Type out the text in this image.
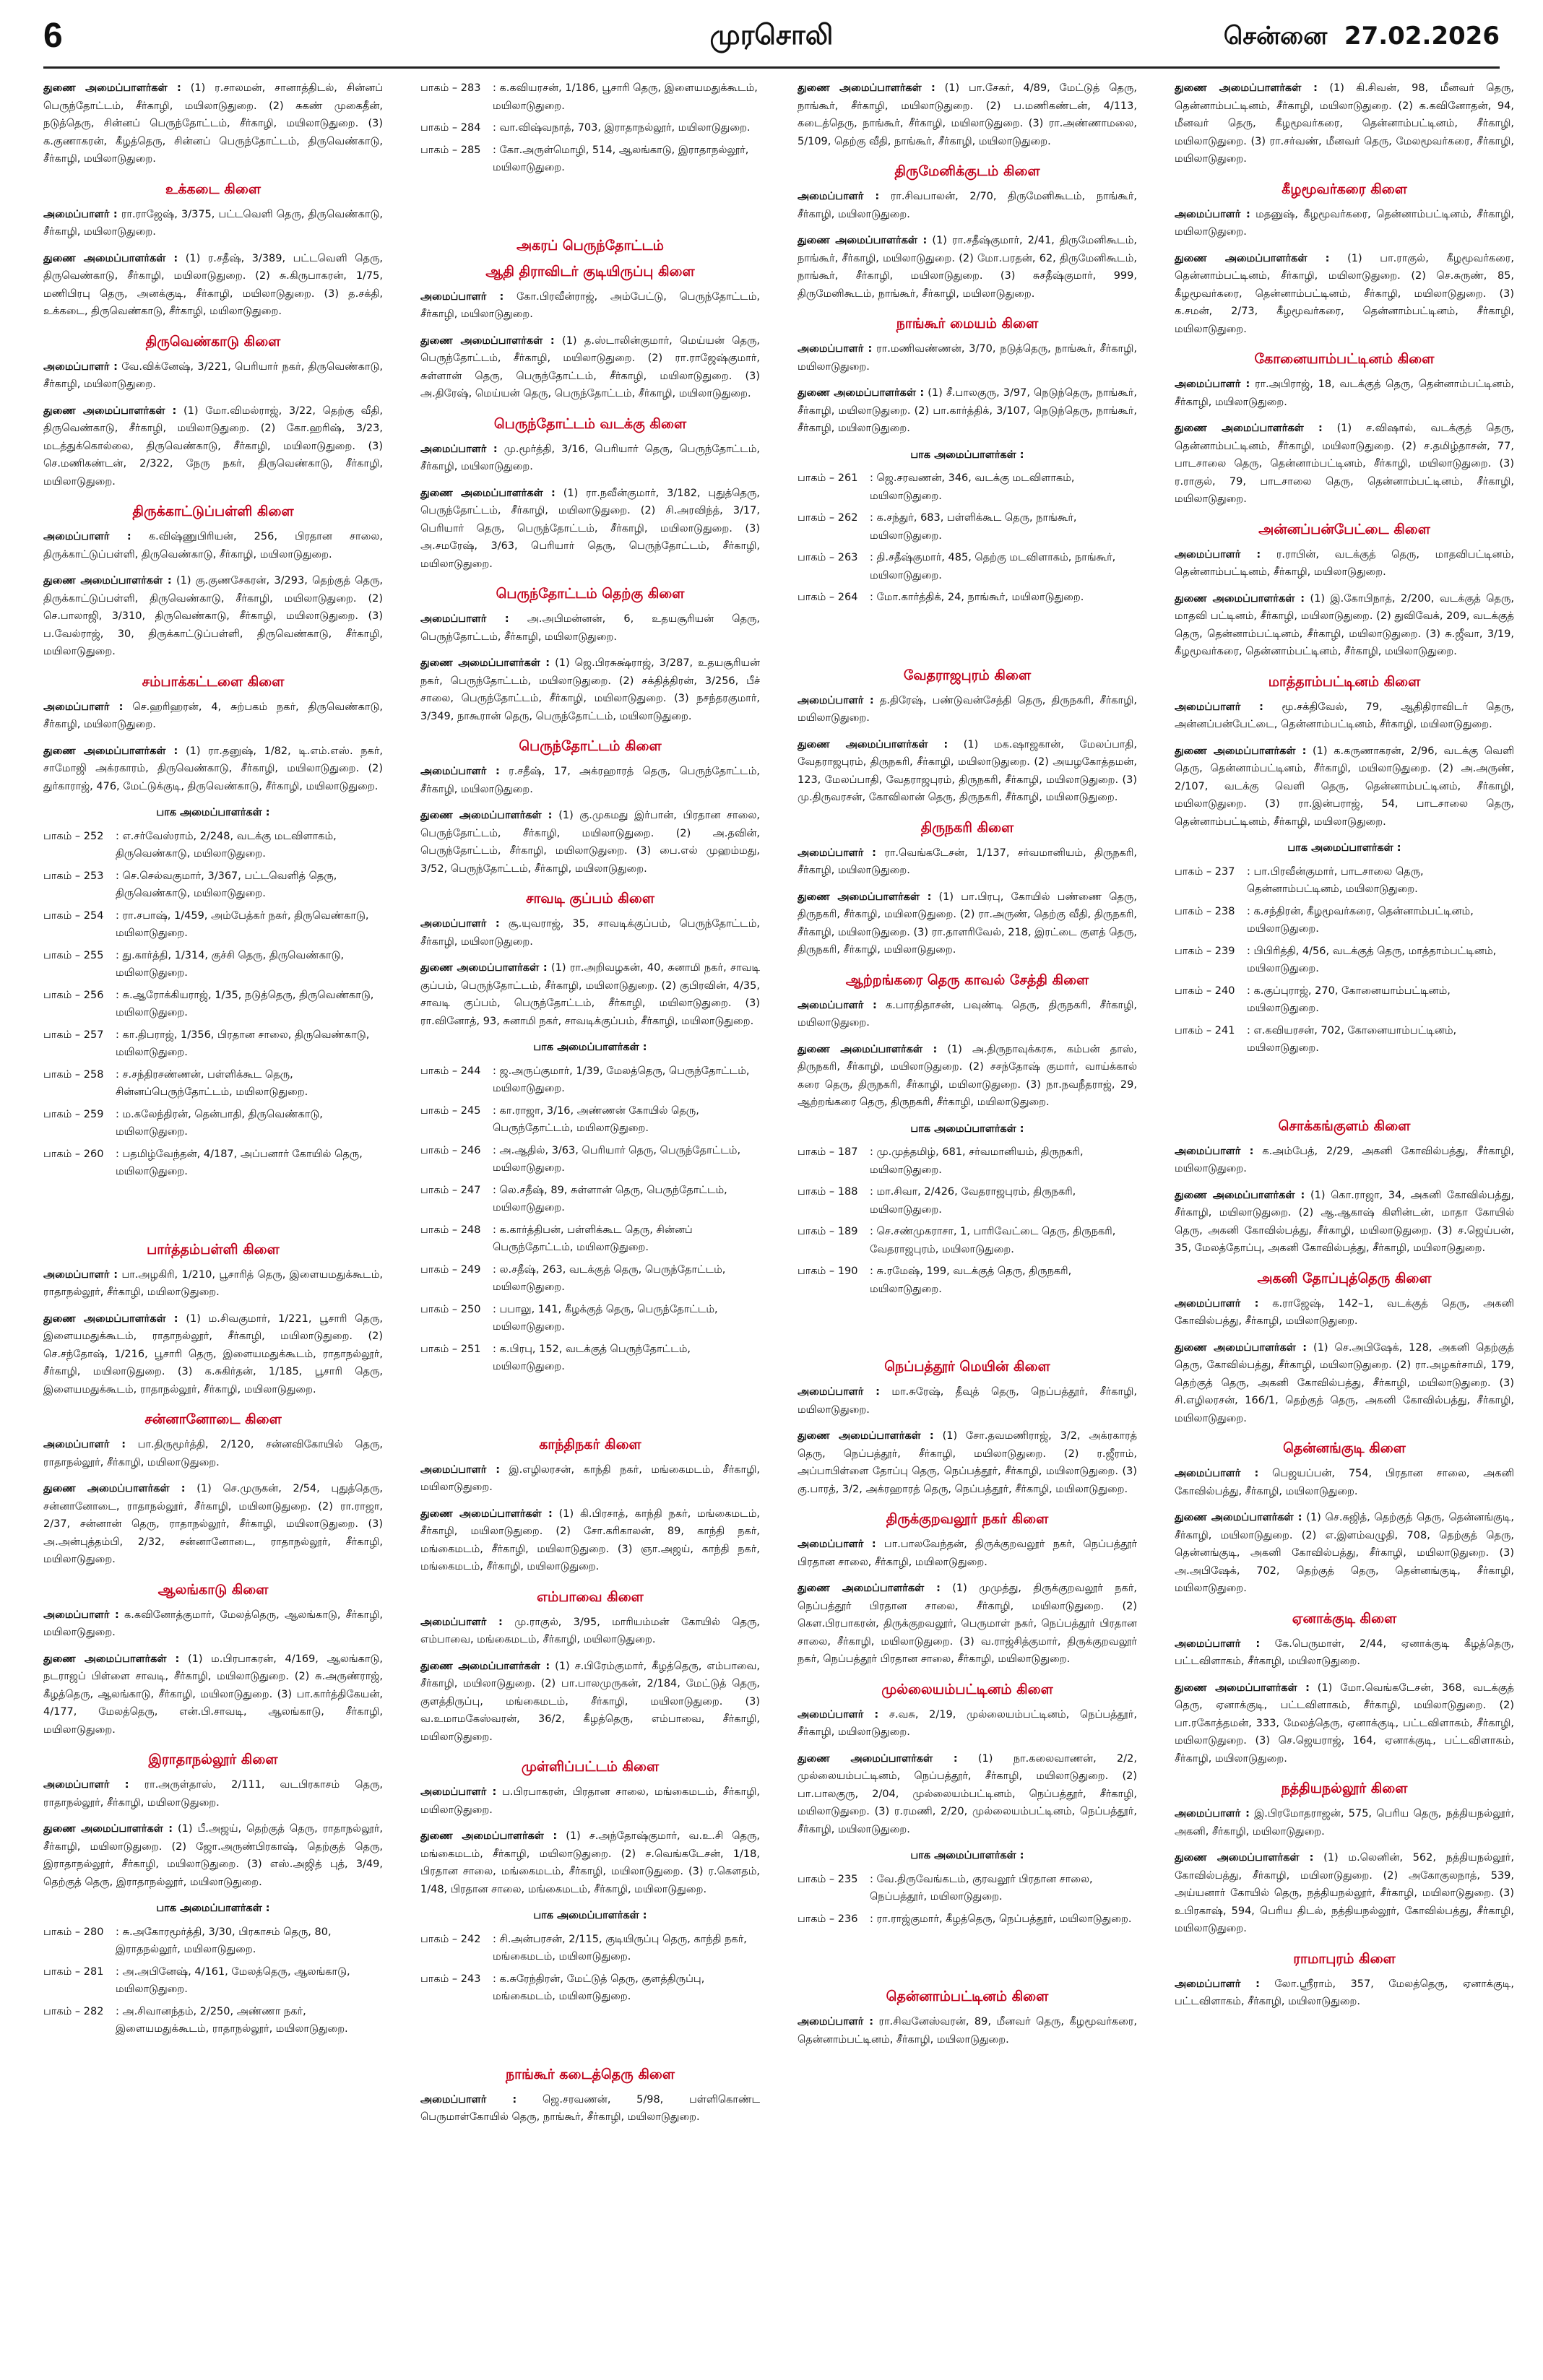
6	முரசொலி	சென்னை 27.02.2026

துணை அமைப்பாளர்கள் : (1) ர.சாலமன், சானாத்திடல், சின்னப் பெருந்தோட்டம், சீர்காழி, மயிலாடுதுறை. (2) சுகண் முகைதீன், நடுத்தெரு, சின்னப் பெருந்தோட்டம், சீர்காழி, மயிலாடுதுறை. (3) க.குணாகரன், கீழத்தெரு, சின்னப் பெருந்தோட்டம், திருவெண்காடு, சீர்காழி, மயிலாடுதுறை.

உக்கடை கிளை

அமைப்பாளர் : ரா.ராஜேஷ், 3/375, பட்டவெளி தெரு, திருவெண்காடு, சீர்காழி, மயிலாடுதுறை.

துணை அமைப்பாளர்கள் : (1) ர.சதீஷ், 3/389, பட்டவெளி தெரு, திருவெண்காடு, சீர்காழி, மயிலாடுதுறை. (2) சு.கிருபாகரன், 1/75, மணிபிரபு தெரு, அனக்குடி, சீர்காழி, மயிலாடுதுறை. (3) த.சக்தி, உக்கடை, திருவெண்காடு, சீர்காழி, மயிலாடுதுறை.

திருவெண்காடு கிளை

அமைப்பாளர் : வே.விக்னேஷ், 3/221, பெரியார் நகர், திருவெண்காடு, சீர்காழி, மயிலாடுதுறை.

துணை அமைப்பாளர்கள் : (1) மோ.விமல்ராஜ், 3/22, தெற்கு வீதி, திருவெண்காடு, சீர்காழி, மயிலாடுதுறை. (2) கோ.ஹரிஷ், 3/23, மடத்துக்கொல்லை, திருவெண்காடு, சீர்காழி, மயிலாடுதுறை. (3) செ.மணிகண்டன், 2/322, நேரு நகர், திருவெண்காடு, சீர்காழி, மயிலாடுதுறை.

திருக்காட்டுப்பள்ளி கிளை

அமைப்பாளர் : க.விஷ்ணுபிரியன், 256, பிரதான சாலை, திருக்காட்டுப்பள்ளி, திருவெண்காடு, சீர்காழி, மயிலாடுதுறை.

துணை அமைப்பாளர்கள் : (1) கு.குணசேகரன், 3/293, தெற்குத் தெரு, திருக்காட்டுப்பள்ளி, திருவெண்காடு, சீர்காழி, மயிலாடுதுறை. (2) செ.பாலாஜி, 3/310, திருவெண்காடு, சீர்காழி, மயிலாடுதுறை. (3) ப.வேல்ராஜ், 30, திருக்காட்டுப்பள்ளி, திருவெண்காடு, சீர்காழி, மயிலாடுதுறை.

சம்பாக்கட்டளை கிளை

அமைப்பாளர் : செ.ஹரிஹரன், 4, சுற்பகம் நகர், திருவெண்காடு, சீர்காழி, மயிலாடுதுறை.

துணை அமைப்பாளர்கள் : (1) ரா.தனுஷ், 1/82, டி.எம்.எஸ். நகர், சாமோஜி அக்ரகாரம், திருவெண்காடு, சீர்காழி, மயிலாடுதுறை. (2) துர்காராஜ், 476, மேட்டுக்குடி, திருவெண்காடு, சீர்காழி, மயிலாடுதுறை.

பாக அமைப்பாளர்கள் :
பாகம் – 252	: எ.சர்வேஸ்ராம், 2/248, வடக்கு மடவிளாகம், திருவெண்காடு, மயிலாடுதுறை.
பாகம் – 253	: செ.செல்வகுமார், 3/367, பட்டவெளித் தெரு, திருவெண்காடு, மயிலாடுதுறை.
பாகம் – 254	: ரா.சபாஷ், 1/459, அம்பேத்கர் நகர், திருவெண்காடு, மயிலாடுதுறை.
பாகம் – 255	: து.கார்த்தி, 1/314, குச்சி தெரு, திருவெண்காடு, மயிலாடுதுறை.
பாகம் – 256	: சு.ஆரோக்கியராஜ், 1/35, நடுத்தெரு, திருவெண்காடு, மயிலாடுதுறை.
பாகம் – 257	: கா.திபராஜ், 1/356, பிரதான சாலை, திருவெண்காடு, மயிலாடுதுறை.
பாகம் – 258	: ச.சந்திரசண்ணன், பள்ளிக்கூட தெரு, சின்னப்பெருந்தோட்டம், மயிலாடுதுறை.
பாகம் – 259	: ம.கலேந்திரன், தென்பாதி, திருவெண்காடு, மயிலாடுதுறை.
பாகம் – 260	: பதமிழ்வேந்தன், 4/187, அப்பனார் கோயில் தெரு, மயிலாடுதுறை.
பார்த்தம்பள்ளி கிளை

அமைப்பாளர் : பா.அழகிரி, 1/210, பூசாரித் தெரு, இளையமதுக்கூடம், ராதாநல்லூர், சீர்காழி, மயிலாடுதுறை.

துணை அமைப்பாளர்கள் : (1) ம.சிவகுமார், 1/221, பூசாரி தெரு, இளையமதுக்கூடம், ராதாநல்லூர், சீர்காழி, மயிலாடுதுறை. (2) செ.சந்தோஷ், 1/216, பூசாரி தெரு, இளையமதுக்கூடம், ராதாநல்லூர், சீர்காழி, மயிலாடுதுறை. (3) க.சுகிர்தன், 1/185, பூசாரி தெரு, இளையமதுக்கூடம், ராதாநல்லூர், சீர்காழி, மயிலாடுதுறை.

சன்னானோடை கிளை

அமைப்பாளர் : பா.திருமூர்த்தி, 2/120, சன்னவிகோயில் தெரு, ராதாநல்லூர், சீர்காழி, மயிலாடுதுறை.

துணை அமைப்பாளர்கள் : (1) செ.முருகன், 2/54, புதுத்தெரு, சன்னானோடை, ராதாநல்லூர், சீர்காழி, மயிலாடுதுறை. (2) ரா.ராஜா, 2/37, சன்னான் தெரு, ராதாநல்லூர், சீர்காழி, மயிலாடுதுறை. (3) அ.அன்புத்தம்பி, 2/32, சன்னானோடை, ராதாநல்லூர், சீர்காழி, மயிலாடுதுறை.

ஆலங்காடு கிளை

அமைப்பாளர் : க.கவினோத்குமார், மேலத்தெரு, ஆலங்காடு, சீர்காழி, மயிலாடுதுறை.

துணை அமைப்பாளர்கள் : (1) ம.பிரபாகரன், 4/169, ஆலங்காடு, நடராஜப் பிள்ளை சாவடி, சீர்காழி, மயிலாடுதுறை. (2) சு.அருண்ராஜ், கீழத்தெரு, ஆலங்காடு, சீர்காழி, மயிலாடுதுறை. (3) பா.கார்த்திகேயன், 4/177, மேலத்தெரு, என்.பி.சாவடி, ஆலங்காடு, சீர்காழி, மயிலாடுதுறை.

இராதாநல்லூர் கிளை

அமைப்பாளர் : ரா.அருள்தாஸ், 2/111, வடபிரகாசம் தெரு, ராதாநல்லூர், சீர்காழி, மயிலாடுதுறை.

துணை அமைப்பாளர்கள் : (1) பீ.அஜய், தெற்குத் தெரு, ராதாநல்லூர், சீர்காழி, மயிலாடுதுறை. (2) ஜோ.அருண்பிரகாஷ், தெற்குத் தெரு, இராதாநல்லூர், சீர்காழி, மயிலாடுதுறை. (3) எஸ்.அஜித் புத், 3/49, தெற்குத் தெரு, இராதாநல்லூர், மயிலாடுதுறை.

பாக அமைப்பாளர்கள் :
பாகம் – 280	: சு.அகோரமூர்த்தி, 3/30, பிரகாசம் தெரு, 80, இராதநல்லூர், மயிலாடுதுறை.
பாகம் – 281	: அ.அபினேஷ், 4/161, மேலத்தெரு, ஆலங்காடு, மயிலாடுதுறை.
பாகம் – 282	: அ.சிவானந்தம், 2/250, அண்ணா நகர், இளையமதுக்கூடம், ராதாநல்லூர், மயிலாடுதுறை.
பாகம் – 283	: க.கவியரசன், 1/186, பூசாரி தெரு, இளையமதுக்கூடம், மயிலாடுதுறை.
பாகம் – 284	: வா.விஷ்வநாத், 703, இராதாநல்லூர், மயிலாடுதுறை.
பாகம் – 285	: கோ.அருள்மொழி, 514, ஆலங்காடு, இராதாநல்லூர், மயிலாடுதுறை.
அகரப் பெருந்தோட்டம்
ஆதி திராவிடர் குடியிருப்பு கிளை

அமைப்பாளர் : கோ.பிரவீன்ராஜ், அம்பேட்டு, பெருந்தோட்டம், சீர்காழி, மயிலாடுதுறை.

துணை அமைப்பாளர்கள் : (1) த.ஸ்டாலின்குமார், மெய்யன் தெரு, பெருந்தோட்டம், சீர்காழி, மயிலாடுதுறை. (2) ரா.ராஜேஷ்குமார், சுள்ளான் தெரு, பெருந்தோட்டம், சீர்காழி, மயிலாடுதுறை. (3) அ.திரேஷ், மெய்யன் தெரு, பெருந்தோட்டம், சீர்காழி, மயிலாடுதுறை.

பெருந்தோட்டம் வடக்கு கிளை

அமைப்பாளர் : மு.மூர்த்தி, 3/16, பெரியார் தெரு, பெருந்தோட்டம், சீர்காழி, மயிலாடுதுறை.

துணை அமைப்பாளர்கள் : (1) ரா.நவீன்குமார், 3/182, புதுத்தெரு, பெருந்தோட்டம், சீர்காழி, மயிலாடுதுறை. (2) சி.அரவிந்த், 3/17, பெரியார் தெரு, பெருந்தோட்டம், சீர்காழி, மயிலாடுதுறை. (3) அ.சமரேஷ், 3/63, பெரியார் தெரு, பெருந்தோட்டம், சீர்காழி, மயிலாடுதுறை.

பெருந்தோட்டம் தெற்கு கிளை

அமைப்பாளர் : அ.அபிமன்னன், 6, உதயசூரியன் தெரு, பெருந்தோட்டம், சீர்காழி, மயிலாடுதுறை.

துணை அமைப்பாளர்கள் : (1) ஜெ.பிரசுக்ஷ்ராஜ், 3/287, உதயசூரியன் நகர், பெருந்தோட்டம், மயிலாடுதுறை. (2) சக்தித்திரன், 3/256, பீச் சாலை, பெருந்தோட்டம், சீர்காழி, மயிலாடுதுறை. (3) நசந்தரகுமார், 3/349, நாகூரான் தெரு, பெருந்தோட்டம், மயிலாடுதுறை.

பெருந்தோட்டம் கிளை

அமைப்பாளர் : ர.சதீஷ், 17, அக்ரஹாரத் தெரு, பெருந்தோட்டம், சீர்காழி, மயிலாடுதுறை.

துணை அமைப்பாளர்கள் : (1) கு.முகமது இர்பான், பிரதான சாலை, பெருந்தோட்டம், சீர்காழி, மயிலாடுதுறை. (2) அ.தவின், பெருந்தோட்டம், சீர்காழி, மயிலாடுதுறை. (3) பை.எல் முஹம்மது, 3/52, பெருந்தோட்டம், சீர்காழி, மயிலாடுதுறை.

சாவடி குப்பம் கிளை

அமைப்பாளர் : சூ.யுவராஜ், 35, சாவடிக்குப்பம், பெருந்தோட்டம், சீர்காழி, மயிலாடுதுறை.

துணை அமைப்பாளர்கள் : (1) ரா.அறிவழகன், 40, சுனாமி நகர், சாவடி குப்பம், பெருந்தோட்டம், சீர்காழி, மயிலாடுதுறை. (2) குபிரவின், 4/35, சாவடி குப்பம், பெருந்தோட்டம், சீர்காழி, மயிலாடுதுறை. (3) ரா.வினோத், 93, சுனாமி நகர், சாவடிக்குப்பம், சீர்காழி, மயிலாடுதுறை.

பாக அமைப்பாளர்கள் :
பாகம் – 244	: ஜ.அருப்குமார், 1/39, மேலத்தெரு, பெருந்தோட்டம், மயிலாடுதுறை.
பாகம் – 245	: கா.ராஜா, 3/16, அண்ணன் கோயில் தெரு, பெருந்தோட்டம், மயிலாடுதுறை.
பாகம் – 246	: அ.ஆதில், 3/63, பெரியார் தெரு, பெருந்தோட்டம், மயிலாடுதுறை.
பாகம் – 247	: லெ.சதீஷ், 89, சுள்ளான் தெரு, பெருந்தோட்டம், மயிலாடுதுறை.
பாகம் – 248	: க.கார்த்திபன், பள்ளிக்கூட தெரு, சின்னப் பெருந்தோட்டம், மயிலாடுதுறை.
பாகம் – 249	: ல.சதீஷ், 263, வடக்குத் தெரு, பெருந்தோட்டம், மயிலாடுதுறை.
பாகம் – 250	: பபாலு, 141, கீழக்குத் தெரு, பெருந்தோட்டம், மயிலாடுதுறை.
பாகம் – 251	: க.பிரபு, 152, வடக்குத் பெருந்தோட்டம், மயிலாடுதுறை.
காந்திநகர் கிளை

அமைப்பாளர் : இ.எழிலரசன், காந்தி நகர், மங்கைமடம், சீர்காழி, மயிலாடுதுறை.

துணை அமைப்பாளர்கள் : (1) கி.பிரசாத், காந்தி நகர், மங்கைமடம், சீர்காழி, மயிலாடுதுறை. (2) சோ.கரிகாலன், 89, காந்தி நகர், மங்கைமடம், சீர்காழி, மயிலாடுதுறை. (3) ஞா.அஜய், காந்தி நகர், மங்கைமடம், சீர்காழி, மயிலாடுதுறை.

எம்பாவை கிளை

அமைப்பாளர் : மு.ராகுல், 3/95, மாரியம்மன் கோயில் தெரு, எம்பாவை, மங்கைமடம், சீர்காழி, மயிலாடுதுறை.

துணை அமைப்பாளர்கள் : (1) ச.பிரேம்குமார், கீழத்தெரு, எம்பாவை, சீர்காழி, மயிலாடுதுறை. (2) பா.பாலமுருகன், 2/184, மேட்டுத் தெரு, குளத்திருப்பு, மங்கைமடம், சீர்காழி, மயிலாடுதுறை. (3) வ.உமாமகேஸ்வரன், 36/2, கீழத்தெரு, எம்பாவை, சீர்காழி, மயிலாடுதுறை.

முள்ளிப்பட்டம் கிளை

அமைப்பாளர் : ப.பிரபாகரன், பிரதான சாலை, மங்கைமடம், சீர்காழி, மயிலாடுதுறை.

துணை அமைப்பாளர்கள் : (1) ச.அந்தோஷ்குமார், வ.உ.சி தெரு, மங்கைமடம், சீர்காழி, மயிலாடுதுறை. (2) ச.வெங்கடேசன், 1/18, பிரதான சாலை, மங்கைமடம், சீர்காழி, மயிலாடுதுறை. (3) ர.கௌதம், 1/48, பிரதான சாலை, மங்கைமடம், சீர்காழி, மயிலாடுதுறை.

பாக அமைப்பாளர்கள் :
பாகம் – 242	: சி.அன்பரசன், 2/115, குடியிருப்பு தெரு, காந்தி நகர், மங்கைமடம், மயிலாடுதுறை.
பாகம் – 243	: க.சுரேந்திரன், மேட்டுத் தெரு, குளத்திருப்பு, மங்கைமடம், மயிலாடுதுறை.
நாங்கூர் கடைத்தெரு கிளை

அமைப்பாளர் : ஜெ.சரவணன், 5/98, பள்ளிகொண்ட பெருமாள்கோயில் தெரு, நாங்கூர், சீர்காழி, மயிலாடுதுறை.

துணை அமைப்பாளர்கள் : (1) பா.சேகர், 4/89, மேட்டுத் தெரு, நாங்கூர், சீர்காழி, மயிலாடுதுறை. (2) ப.மணிகண்டன், 4/113, கடைத்தெரு, நாங்கூர், சீர்காழி, மயிலாடுதுறை. (3) ரா.அண்ணாமலை, 5/109, தெற்கு வீதி, நாங்கூர், சீர்காழி, மயிலாடுதுறை.

திருமேனிக்குடம் கிளை

அமைப்பாளர் : ரா.சிவபாலன், 2/70, திருமேனிகூடம், நாங்கூர், சீர்காழி, மயிலாடுதுறை.

துணை அமைப்பாளர்கள் : (1) ரா.சதீஷ்குமார், 2/41, திருமேனிகூடம், நாங்கூர், சீர்காழி, மயிலாடுதுறை. (2) மோ.பரதன், 62, திருமேனிகூடம், நாங்கூர், சீர்காழி, மயிலாடுதுறை. (3) சுசதீஷ்குமார், 999, திருமேனிகூடம், நாங்கூர், சீர்காழி, மயிலாடுதுறை.

நாங்கூர் மையம் கிளை

அமைப்பாளர் : ரா.மணிவண்ணன், 3/70, நடுத்தெரு, நாங்கூர், சீர்காழி, மயிலாடுதுறை.

துணை அமைப்பாளர்கள் : (1) சீ.பாலகுரு, 3/97, நெடுந்தெரு, நாங்கூர், சீர்காழி, மயிலாடுதுறை. (2) பா.கார்த்திக், 3/107, நெடுந்தெரு, நாங்கூர், சீர்காழி, மயிலாடுதுறை.

பாக அமைப்பாளர்கள் :
பாகம் – 261	: ஜெ.சரவணன், 346, வடக்கு மடவிளாகம், மயிலாடுதுறை.
பாகம் – 262	: க.சந்துர், 683, பள்ளிக்கூட தெரு, நாங்கூர், மயிலாடுதுறை.
பாகம் – 263	: தி.சதீஷ்குமார், 485, தெற்கு மடவிளாகம், நாங்கூர், மயிலாடுதுறை.
பாகம் – 264	: மோ.கார்த்திக், 24, நாங்கூர், மயிலாடுதுறை.
வேதராஜபுரம் கிளை

அமைப்பாளர் : த.திரேஷ், பண்டுவன்சேத்தி தெரு, திருநகரி, சீர்காழி, மயிலாடுதுறை.

துணை அமைப்பாளர்கள் : (1) மக.ஷாஜகான், மேலப்பாதி, வேதராஜபுரம், திருநகரி, சீர்காழி, மயிலாடுதுறை. (2) அயழகோத்தமன், 123, மேலப்பாதி, வேதராஜபுரம், திருநகரி, சீர்காழி, மயிலாடுதுறை. (3) மு.திருவரசன், கோவிலான் தெரு, திருநகரி, சீர்காழி, மயிலாடுதுறை.

திருநகரி கிளை

அமைப்பாளர் : ரா.வெங்கடேசன், 1/137, சர்வமானியம், திருநகரி, சீர்காழி, மயிலாடுதுறை.

துணை அமைப்பாளர்கள் : (1) பா.பிரபு, கோயில் பண்ணை தெரு, திருநகரி, சீர்காழி, மயிலாடுதுறை. (2) ரா.அருண், தெற்கு வீதி, திருநகரி, சீர்காழி, மயிலாடுதுறை. (3) ரா.தாளரிவேல், 218, இரட்டை குளத் தெரு, திருநகரி, சீர்காழி, மயிலாடுதுறை.

ஆற்றங்கரை தெரு காவல் சேத்தி கிளை

அமைப்பாளர் : க.பாரதிதாசன், பவுண்டி தெரு, திருநகரி, சீர்காழி, மயிலாடுதுறை.

துணை அமைப்பாளர்கள் : (1) அ.திருநாவுக்கரசு, கம்பன் தாஸ், திருநகரி, சீர்காழி, மயிலாடுதுறை. (2) சசந்தோஷ் குமார், வாய்க்கால் கரை தெரு, திருநகரி, சீர்காழி, மயிலாடுதுறை. (3) நா.நவநீதராஜ், 29, ஆற்றங்கரை தெரு, திருநகரி, சீர்காழி, மயிலாடுதுறை.

பாக அமைப்பாளர்கள் :
பாகம் – 187	: மு.முத்தமிழ், 681, சர்வமானியம், திருநகரி, மயிலாடுதுறை.
பாகம் – 188	: மா.சிவா, 2/426, வேதராஜபுரம், திருநகரி, மயிலாடுதுறை.
பாகம் – 189	: செ.சண்முகராசா, 1, பாரிவேட்டை தெரு, திருநகரி, வேதராஜபுரம், மயிலாடுதுறை.
பாகம் – 190	: சு.ரமேஷ், 199, வடக்குத் தெரு, திருநகரி, மயிலாடுதுறை.
நெப்பத்தூர் மெயின் கிளை

அமைப்பாளர் : மா.சுரேஷ், தீவுத் தெரு, நெப்பத்தூர், சீர்காழி, மயிலாடுதுறை.

துணை அமைப்பாளர்கள் : (1) சோ.தவமணிராஜ், 3/2, அக்ரகாரத் தெரு, நெப்பத்தூர், சீர்காழி, மயிலாடுதுறை. (2) ர.ஜீராம், அப்பாபிள்ளை தோப்பு தெரு, நெப்பத்தூர், சீர்காழி, மயிலாடுதுறை. (3) கு.பாரத், 3/2, அக்ரஹாரத் தெரு, நெப்பத்தூர், சீர்காழி, மயிலாடுதுறை.

திருக்குறவலூர் நகர் கிளை

அமைப்பாளர் : பா.பாலவேந்தன், திருக்குறவலூர் நகர், நெப்பத்தூர் பிரதான சாலை, சீர்காழி, மயிலாடுதுறை.

துணை அமைப்பாளர்கள் : (1) முமுத்து, திருக்குறவலூர் நகர், நெப்பத்தூர் பிரதான சாலை, சீர்காழி, மயிலாடுதுறை. (2) கௌ.பிரபாகரன், திருக்குறவலூர், பெருமாள் நகர், நெப்பத்தூர் பிரதான சாலை, சீர்காழி, மயிலாடுதுறை. (3) வ.ராஜ்சித்குமார், திருக்குறவலூர் நகர், நெப்பத்தூர் பிரதான சாலை, சீர்காழி, மயிலாடுதுறை.

முல்லையம்பட்டினம் கிளை

அமைப்பாளர் : ச.வசு, 2/19, முல்லையம்பட்டினம், நெப்பத்தூர், சீர்காழி, மயிலாடுதுறை.

துணை அமைப்பாளர்கள் : (1) நா.கலைவாணன், 2/2, முல்லையம்பட்டினம், நெப்பத்தூர், சீர்காழி, மயிலாடுதுறை. (2) பா.பாலகுரு, 2/04, முல்லையம்பட்டினம், நெப்பத்தூர், சீர்காழி, மயிலாடுதுறை. (3) ர.ரமணி, 2/20, முல்லையம்பட்டினம், நெப்பத்தூர், சீர்காழி, மயிலாடுதுறை.

பாக அமைப்பாளர்கள் :
பாகம் – 235	: வே.திருவேங்கடம், குரவலூர் பிரதான சாலை, நெப்பத்தூர், மயிலாடுதுறை.
பாகம் – 236	: ரா.ராஜ்குமார், கீழத்தெரு, நெப்பத்தூர், மயிலாடுதுறை.
தென்னாம்பட்டினம் கிளை

அமைப்பாளர் : ரா.சிவனேஸ்வரன், 89, மீனவர் தெரு, கீழமூவர்கரை, தென்னாம்பட்டினம், சீர்காழி, மயிலாடுதுறை.

துணை அமைப்பாளர்கள் : (1) கி.சிவன், 98, மீனவர் தெரு, தென்னாம்பட்டினம், சீர்காழி, மயிலாடுதுறை. (2) க.கவினோதன், 94, மீனவர் தெரு, கீழமூவர்கரை, தென்னாம்பட்டினம், சீர்காழி, மயிலாடுதுறை. (3) ரா.சர்வண், மீனவர் தெரு, மேலமூவர்கரை, சீர்காழி, மயிலாடுதுறை.

கீழமூவர்கரை கிளை

அமைப்பாளர் : மதனுஷ், கீழமூவர்கரை, தென்னாம்பட்டினம், சீர்காழி, மயிலாடுதுறை.

துணை அமைப்பாளர்கள் : (1) பா.ராகுல், கீழமூவர்கரை, தென்னாம்பட்டினம், சீர்காழி, மயிலாடுதுறை. (2) செ.சுருண், 85, கீழமூவர்கரை, தென்னாம்பட்டினம், சீர்காழி, மயிலாடுதுறை. (3) க.சமன், 2/73, கீழமூவர்கரை, தென்னாம்பட்டினம், சீர்காழி, மயிலாடுதுறை.

கோனையாம்பட்டினம் கிளை

அமைப்பாளர் : ரா.அபிராஜ், 18, வடக்குத் தெரு, தென்னாம்பட்டினம், சீர்காழி, மயிலாடுதுறை.

துணை அமைப்பாளர்கள் : (1) ச.விஷால், வடக்குத் தெரு, தென்னாம்பட்டினம், சீர்காழி, மயிலாடுதுறை. (2) ச.தமிழ்தாசன், 77, பாடசாலை தெரு, தென்னாம்பட்டினம், சீர்காழி, மயிலாடுதுறை. (3) ர.ராகுல், 79, பாடசாலை தெரு, தென்னாம்பட்டினம், சீர்காழி, மயிலாடுதுறை.

அன்னப்பன்பேட்டை கிளை

அமைப்பாளர் : ர.ராபின், வடக்குத் தெரு, மாதவிபட்டினம், தென்னாம்பட்டினம், சீர்காழி, மயிலாடுதுறை.

துணை அமைப்பாளர்கள் : (1) இ.கோபிநாத், 2/200, வடக்குத் தெரு, மாதவி பட்டினம், சீர்காழி, மயிலாடுதுறை. (2) துவிவேக், 209, வடக்குத் தெரு, தென்னாம்பட்டினம், சீர்காழி, மயிலாடுதுறை. (3) சு.ஜீவா, 3/19, கீழமூவர்கரை, தென்னாம்பட்டினம், சீர்காழி, மயிலாடுதுறை.

மாத்தாம்பட்டினம் கிளை

அமைப்பாளர் : மூ.சக்திவேல், 79, ஆதிதிராவிடர் தெரு, அன்னப்பன்பேட்டை, தென்னாம்பட்டினம், சீர்காழி, மயிலாடுதுறை.

துணை அமைப்பாளர்கள் : (1) க.கருணாகரன், 2/96, வடக்கு வெளி தெரு, தென்னாம்பட்டினம், சீர்காழி, மயிலாடுதுறை. (2) அ.அருண், 2/107, வடக்கு வெளி தெரு, தென்னாம்பட்டினம், சீர்காழி, மயிலாடுதுறை. (3) ரா.இன்பராஜ், 54, பாடசாலை தெரு, தென்னாம்பட்டினம், சீர்காழி, மயிலாடுதுறை.

பாக அமைப்பாளர்கள் :
பாகம் – 237	: பா.பிரவீன்குமார், பாடசாலை தெரு, தென்னாம்பட்டினம், மயிலாடுதுறை.
பாகம் – 238	: க.சந்திரன், கீழமூவர்கரை, தென்னாம்பட்டினம், மயிலாடுதுறை.
பாகம் – 239	: பிபிரித்தி, 4/56, வடக்குத் தெரு, மாத்தாம்பட்டினம், மயிலாடுதுறை.
பாகம் – 240	: க.குப்புராஜ், 270, கோனையாம்பட்டினம், மயிலாடுதுறை.
பாகம் – 241	: எ.கவியரசன், 702, கோனையாம்பட்டினம், மயிலாடுதுறை.
சொக்கங்குளம் கிளை

அமைப்பாளர் : க.அம்பேத், 2/29, அகனி கோவில்பத்து, சீர்காழி, மயிலாடுதுறை.

துணை அமைப்பாளர்கள் : (1) கொ.ராஜா, 34, அகனி கோவில்பத்து, சீர்காழி, மயிலாடுதுறை. (2) ஆ.ஆகாஷ் கிளின்டன், மாதா கோயில் தெரு, அகனி கோவில்பத்து, சீர்காழி, மயிலாடுதுறை. (3) ச.ஜெய்பன், 35, மேலத்தோப்பு, அகனி கோவில்பத்து, சீர்காழி, மயிலாடுதுறை.

அகனி தோப்புத்தெரு கிளை

அமைப்பாளர் : க.ராஜேஷ், 142–1, வடக்குத் தெரு, அகனி கோவில்பத்து, சீர்காழி, மயிலாடுதுறை.

துணை அமைப்பாளர்கள் : (1) செ.அபிஷேக், 128, அகனி தெற்குத் தெரு, கோவில்பத்து, சீர்காழி, மயிலாடுதுறை. (2) ரா.அழகர்சாமி, 179, தெற்குத் தெரு, அகனி கோவில்பத்து, சீர்காழி, மயிலாடுதுறை. (3) சி.எழிலரசன், 166/1, தெற்குத் தெரு, அகனி கோவில்பத்து, சீர்காழி, மயிலாடுதுறை.

தென்னங்குடி கிளை

அமைப்பாளர் : பெஜயப்பன், 754, பிரதான சாலை, அகனி கோவில்பத்து, சீர்காழி, மயிலாடுதுறை.

துணை அமைப்பாளர்கள் : (1) செ.சுஜித், தெற்குத் தெரு, தென்னங்குடி, சீர்காழி, மயிலாடுதுறை. (2) எ.இளம்வழுதி, 708, தெற்குத் தெரு, தென்னங்குடி, அகனி கோவில்பத்து, சீர்காழி, மயிலாடுதுறை. (3) அ.அபிஷேக், 702, தெற்குத் தெரு, தென்னங்குடி, சீர்காழி, மயிலாடுதுறை.

ஏனாக்குடி கிளை

அமைப்பாளர் : கே.பெருமாள், 2/44, ஏனாக்குடி கீழத்தெரு, பட்டவிளாகம், சீர்காழி, மயிலாடுதுறை.

துணை அமைப்பாளர்கள் : (1) மோ.வெங்கடேசன், 368, வடக்குத் தெரு, ஏனாக்குடி, பட்டவிளாகம், சீர்காழி, மயிலாடுதுறை. (2) பா.ரகோத்தமன், 333, மேலத்தெரு, ஏனாக்குடி, பட்டவிளாகம், சீர்காழி, மயிலாடுதுறை. (3) செ.ஜெயராஜ், 164, ஏனாக்குடி, பட்டவிளாகம், சீர்காழி, மயிலாடுதுறை.

நத்தியநல்லூர் கிளை

அமைப்பாளர் : இ.பிரமோதராஜன், 575, பெரிய தெரு, நத்தியநல்லூர், அகனி, சீர்காழி, மயிலாடுதுறை.

துணை அமைப்பாளர்கள் : (1) ம.லெனின், 562, நத்தியநல்லூர், கோவில்பத்து, சீர்காழி, மயிலாடுதுறை. (2) அகோகுலநாத், 539, அய்யனார் கோயில் தெரு, நத்தியநல்லூர், சீர்காழி, மயிலாடுதுறை. (3) உபிரகாஷ், 594, பெரிய திடல், நத்தியநல்லூர், கோவில்பத்து, சீர்காழி, மயிலாடுதுறை.

ராமாபுரம் கிளை

அமைப்பாளர் : லோ.ஸ்ரீராம், 357, மேலத்தெரு, ஏனாக்குடி, பட்டவிளாகம், சீர்காழி, மயிலாடுதுறை.
